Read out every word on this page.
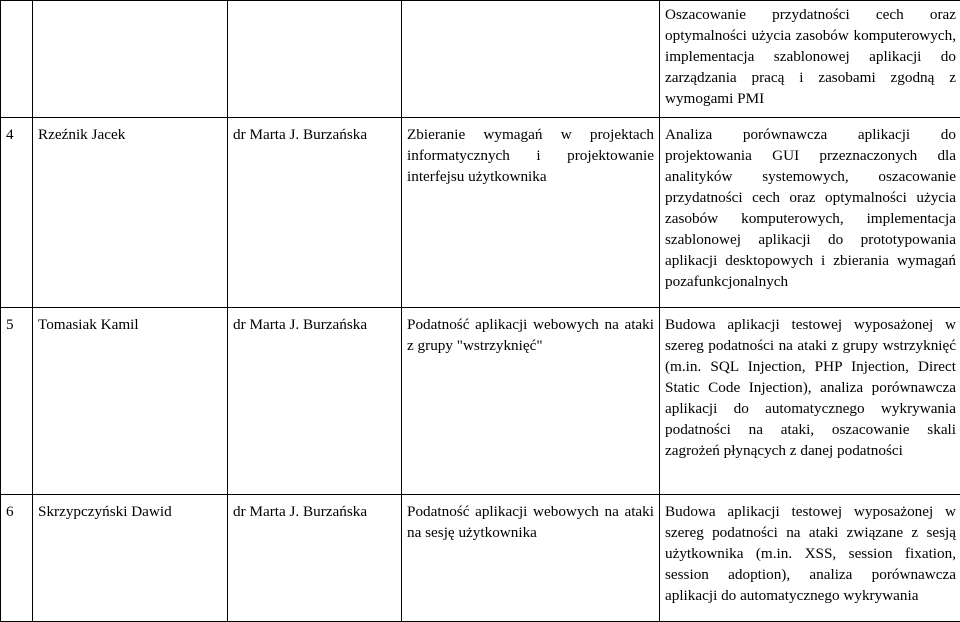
				Oszacowanie przydatności cech oraz optymalności użycia zasobów komputerowych, implementacja szablonowej aplikacji do zarządzania pracą i zasobami zgodną z wymogami PMI
4	Rzeźnik Jacek	dr Marta J. Burzańska	Zbieranie wymagań w projektach informatycznych i projektowanie interfejsu użytkownika	Analiza porównawcza aplikacji do projektowania GUI przeznaczonych dla analityków systemowych, oszacowanie przydatności cech oraz optymalności użycia zasobów komputerowych, implementacja szablonowej aplikacji do prototypowania aplikacji desktopowych i zbierania wymagań pozafunkcjonalnych
5	Tomasiak Kamil	dr Marta J. Burzańska	Podatność aplikacji webowych na ataki z grupy "wstrzyknięć"	Budowa aplikacji testowej wyposażonej w szereg podatności na ataki z grupy wstrzyknięć (m.in. SQL Injection, PHP Injection, Direct Static Code Injection), analiza porównawcza aplikacji do automatycznego wykrywania podatności na ataki, oszacowanie skali zagrożeń płynących z danej podatności
6	Skrzypczyński Dawid	dr Marta J. Burzańska	Podatność aplikacji webowych na ataki na sesję użytkownika	Budowa aplikacji testowej wyposażonej w szereg podatności na ataki związane z sesją użytkownika (m.in. XSS, session fixation, session adoption), analiza porównawcza aplikacji do automatycznego wykrywania
